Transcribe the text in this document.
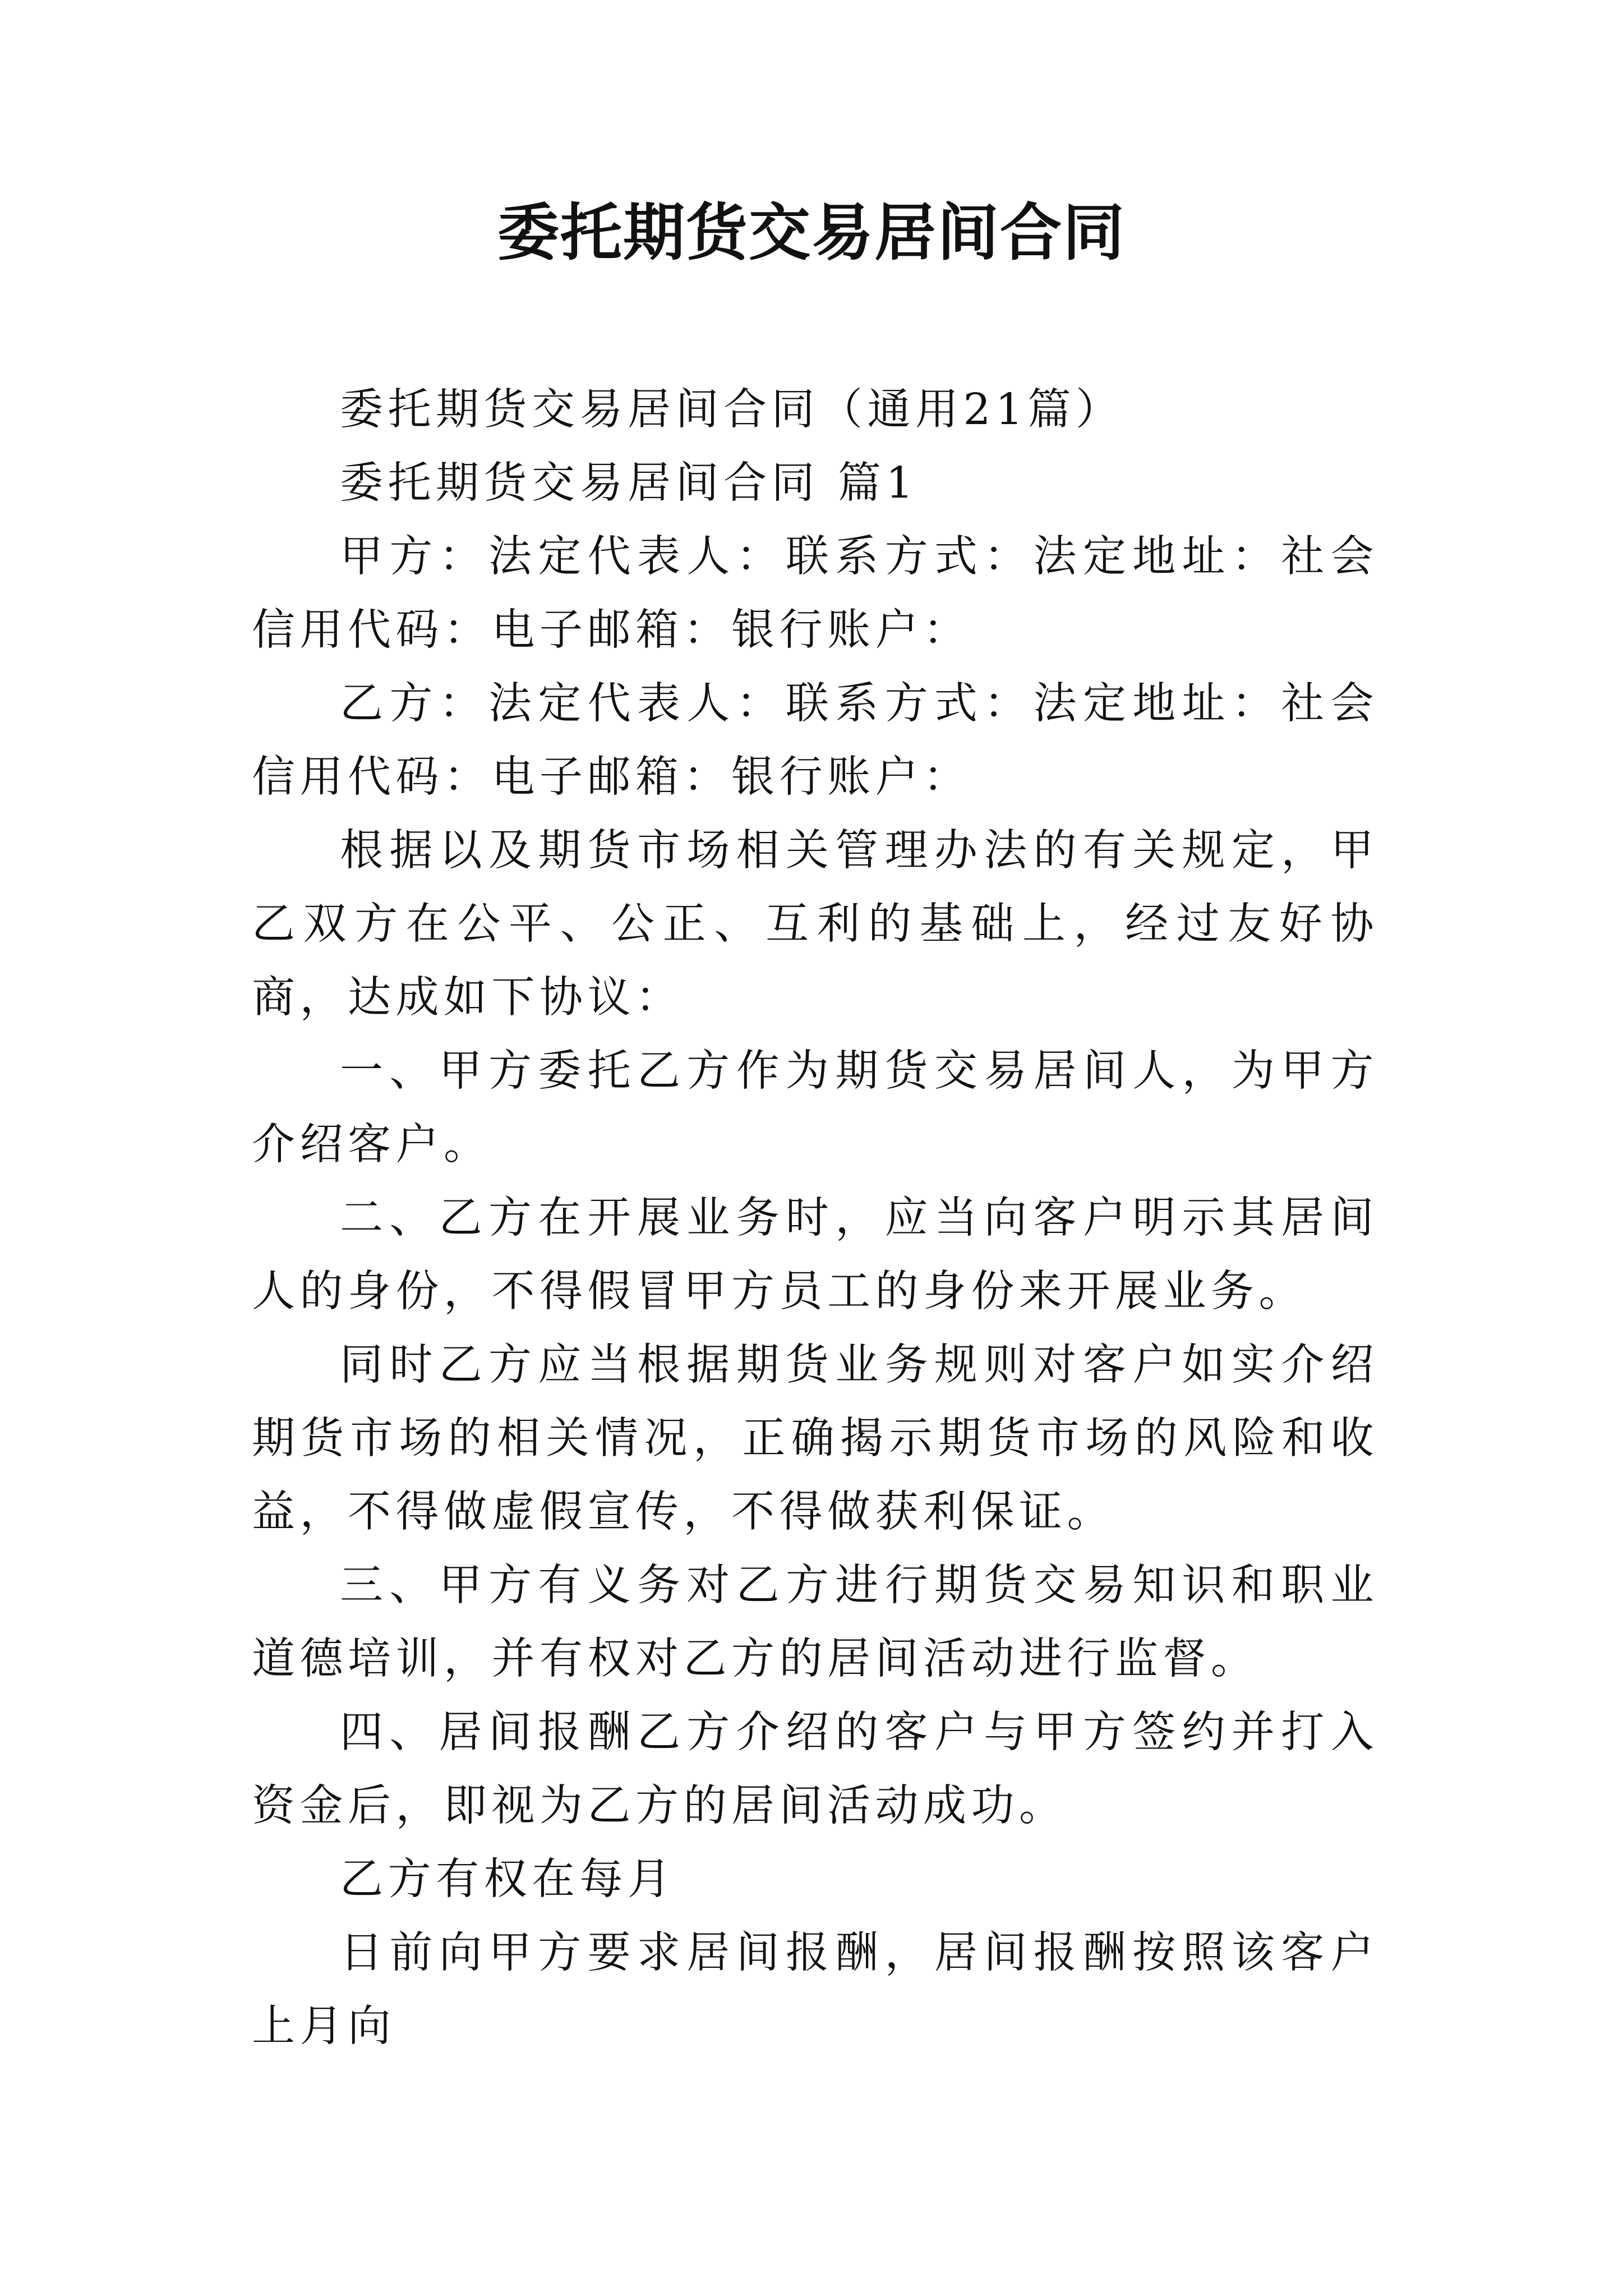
委托期货交易居间合同

委托期货交易居间合同（通用21篇）

委托期货交易居间合同 篇1

甲方：法定代表人：联系方式：法定地址：社会信用代码：电子邮箱：银行账户：

乙方：法定代表人：联系方式：法定地址：社会信用代码：电子邮箱：银行账户：

根据以及期货市场相关管理办法的有关规定，甲乙双方在公平、公正、互利的基础上，经过友好协商，达成如下协议：

一、甲方委托乙方作为期货交易居间人，为甲方介绍客户。

二、乙方在开展业务时，应当向客户明示其居间人的身份，不得假冒甲方员工的身份来开展业务。

同时乙方应当根据期货业务规则对客户如实介绍期货市场的相关情况，正确揭示期货市场的风险和收益，不得做虚假宣传，不得做获利保证。

三、甲方有义务对乙方进行期货交易知识和职业道德培训，并有权对乙方的居间活动进行监督。

四、居间报酬乙方介绍的客户与甲方签约并打入资金后，即视为乙方的居间活动成功。

乙方有权在每月

日前向甲方要求居间报酬，居间报酬按照该客户上月向
